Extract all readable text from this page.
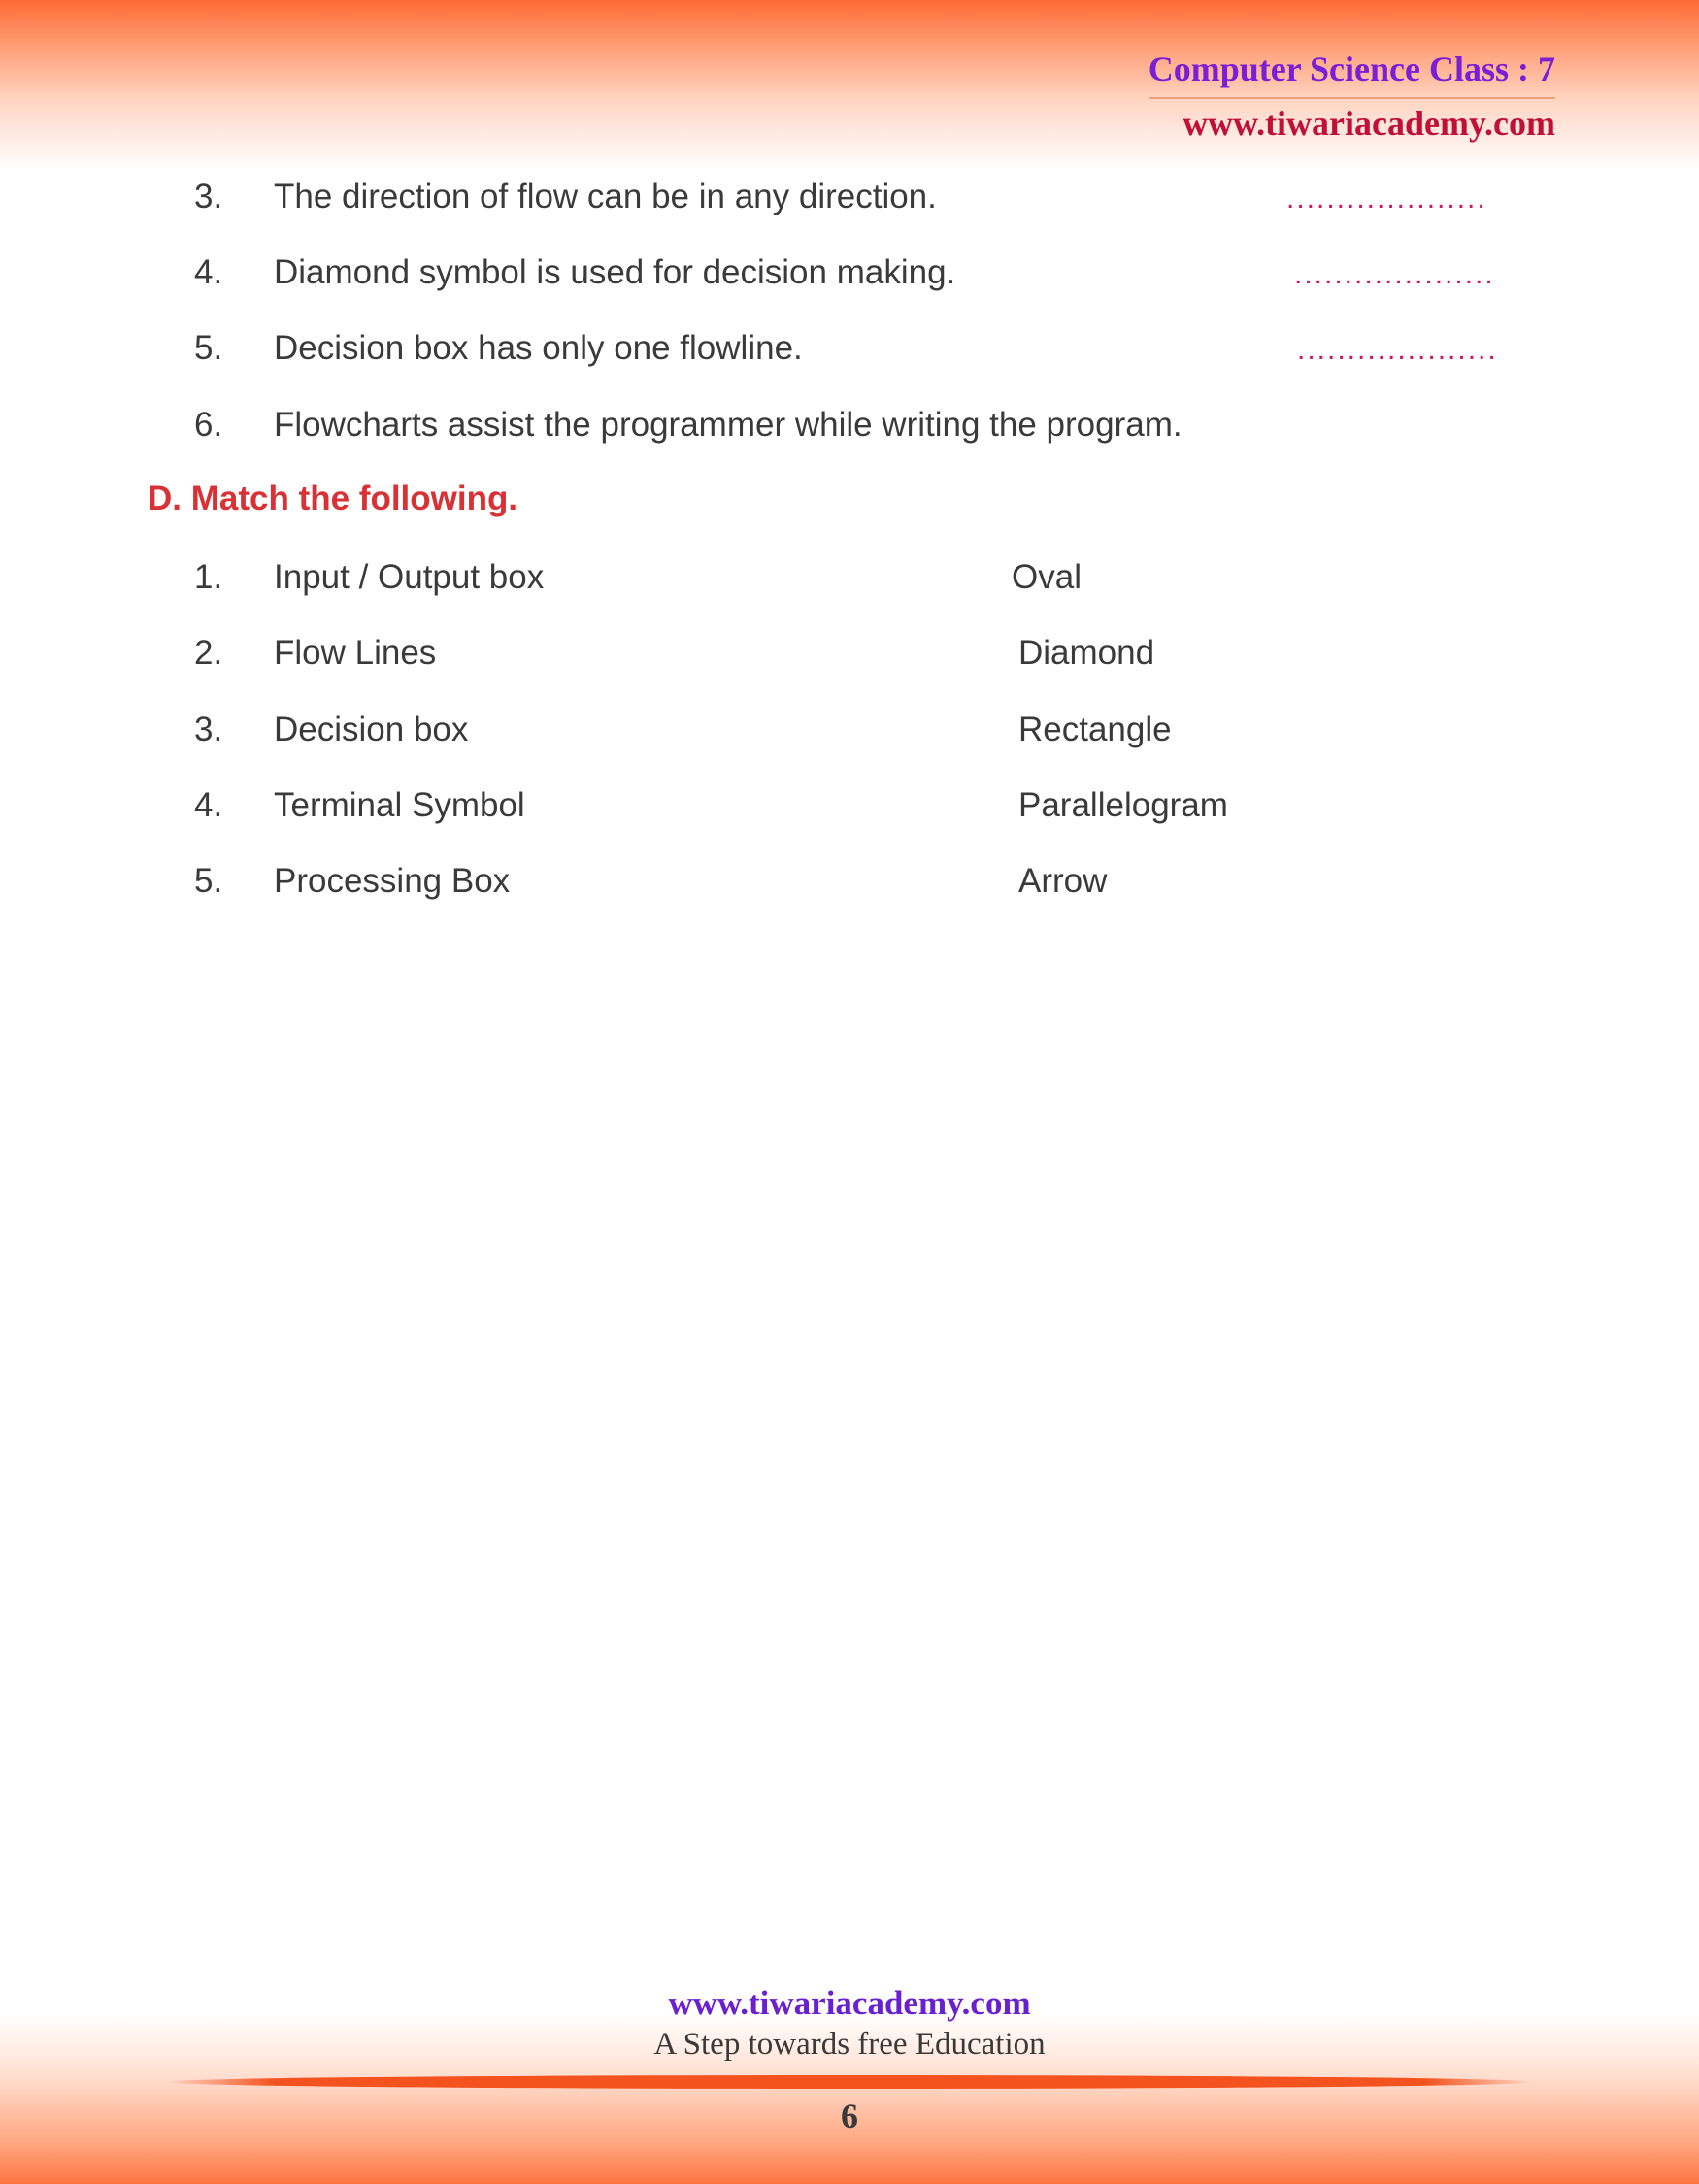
Computer Science Class : 7
www.tiwariacademy.com
3. The direction of flow can be in any direction.	....................
4. Diamond symbol is used for decision making.	....................
5. Decision box has only one flowline.	....................
6. Flowcharts assist the programmer while writing the program.
D. Match the following.
1. Input / Output box	Oval
2. Flow Lines	Diamond
3. Decision box	Rectangle
4. Terminal Symbol	Parallelogram
5. Processing Box	Arrow
www.tiwariacademy.com
A Step towards free Education
6
